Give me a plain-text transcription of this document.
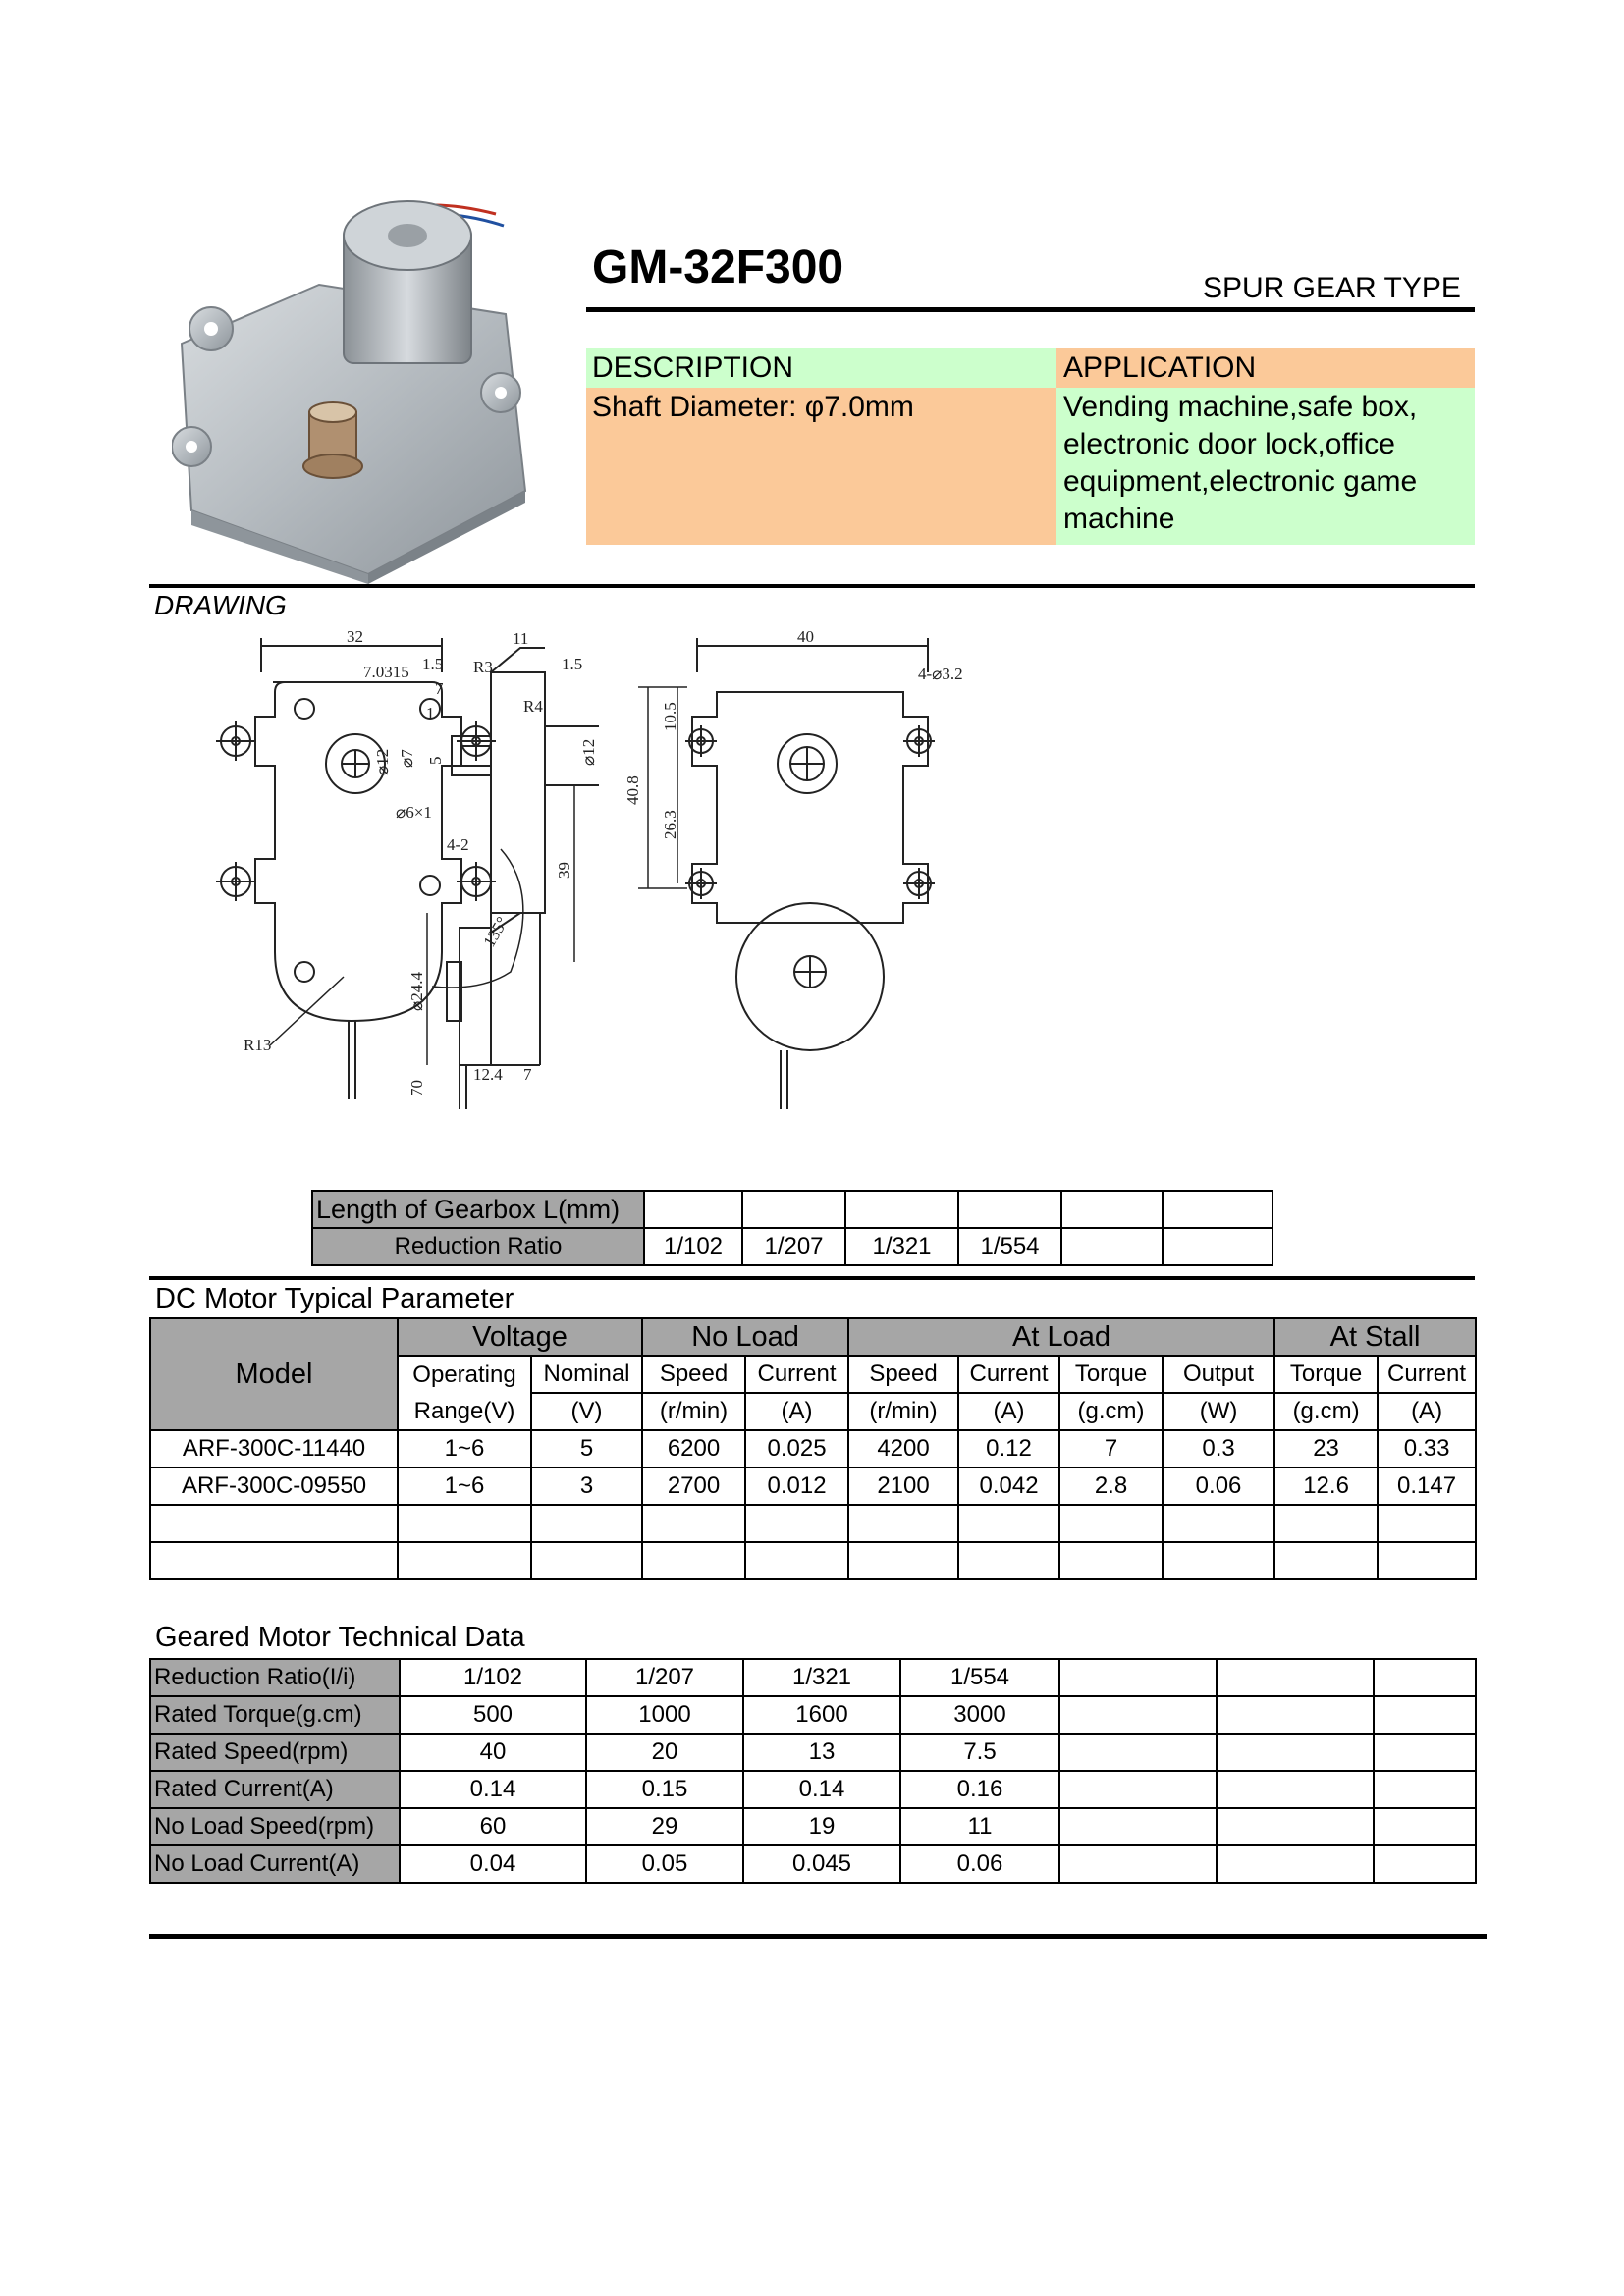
GM-32F300	SPUR GEAR TYPE
DESCRIPTION	APPLICATION
Shaft Diameter: φ7.0mm	Vending machine,safe box,
electronic door lock,office
equipment,electronic game
machine
DRAWING
32
135°
R3
R4
R13
7.0315 1.5
11
1.5
7
1
⌀12 ⌀7 5	⌀12
⌀6×1
4-2
39
⌀24.4
70
12.4 7
40
4-⌀3.2
40.8
10.5
26.3
Length of Gearbox L(mm)						
Reduction Ratio	1/102	1/207	1/321	1/554		
DC Motor Typical Parameter
Model	Voltage		No Load		At Load				At Stall	
	Operating	Nominal	Speed	Current	Speed	Current	Torque	Output	Torque	Current
	Range(V)	(V)	(r/min)	(A)	(r/min)	(A)	(g.cm)	(W)	(g.cm)	(A)
ARF-300C-11440	1~6	5	6200	0.025	4200	0.12	7	0.3	23	0.33
ARF-300C-09550	1~6	3	2700	0.012	2100	0.042	2.8	0.06	12.6	0.147

Geared Motor Technical Data
Reduction Ratio(I/i)	1/102	1/207	1/321	1/554			
Rated Torque(g.cm)	500	1000	1600	3000			
Rated Speed(rpm)	40	20	13	7.5			
Rated Current(A)	0.14	0.15	0.14	0.16			
No Load Speed(rpm)	60	29	19	11			
No Load Current(A)	0.04	0.05	0.045	0.06			
